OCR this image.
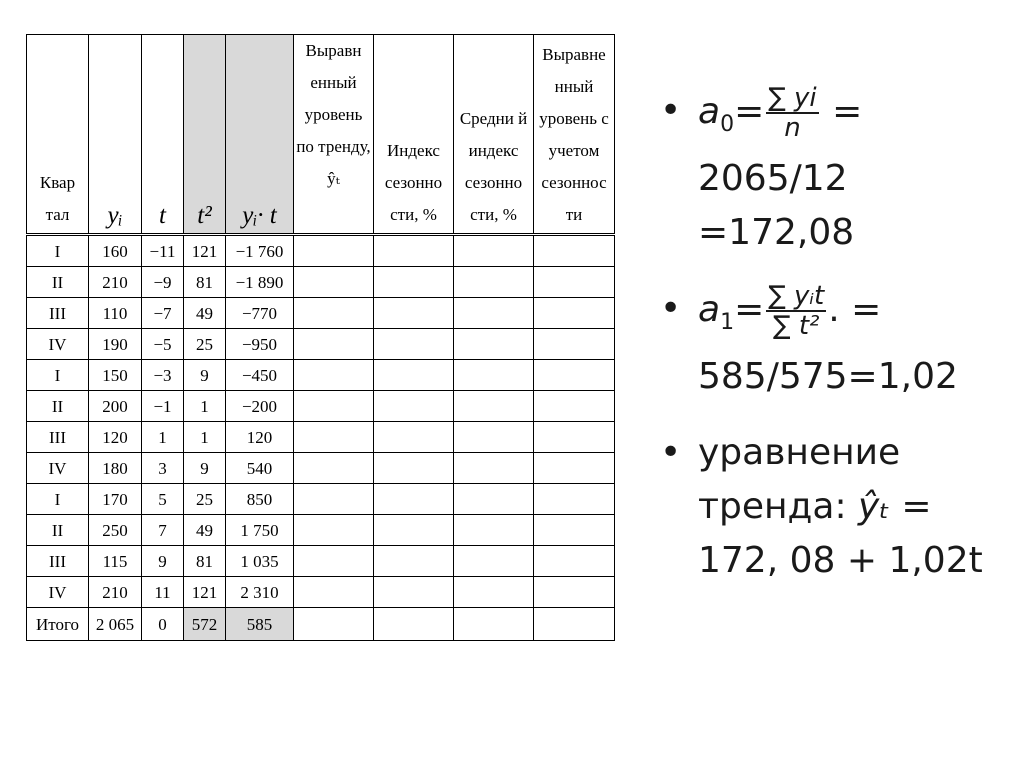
Квар тал	yᵢ	t	t²	yᵢ· t	Выравн енный уровень по тренду, ŷₜ	Индекс сезонно сти, %	Средни й индекс сезонно сти, %	Выравне нный уровень с учетом сезоннос ти
I	160	−11	121	−1 760				
II	210	−9	81	−1 890				
III	110	−7	49	−770				
IV	190	−5	25	−950				
I	150	−3	9	−450				
II	200	−1	1	−200				
III	120	1	1	120				
IV	180	3	9	540				
I	170	5	25	850				
II	250	7	49	1 750				
III	115	9	81	1 035				
IV	210	11	121	2 310				
Итого	2 065	0	572	585				
• $a_0= \frac{\sum yi}{n} = 2065/12 =172,08$
• $a_1= \frac{\text{∑ yᵢt}}{\text{∑ t²}}$ . = 585/575=1,02
• уравнение тренда: ŷₜ = 172, 08 + 1,02t
